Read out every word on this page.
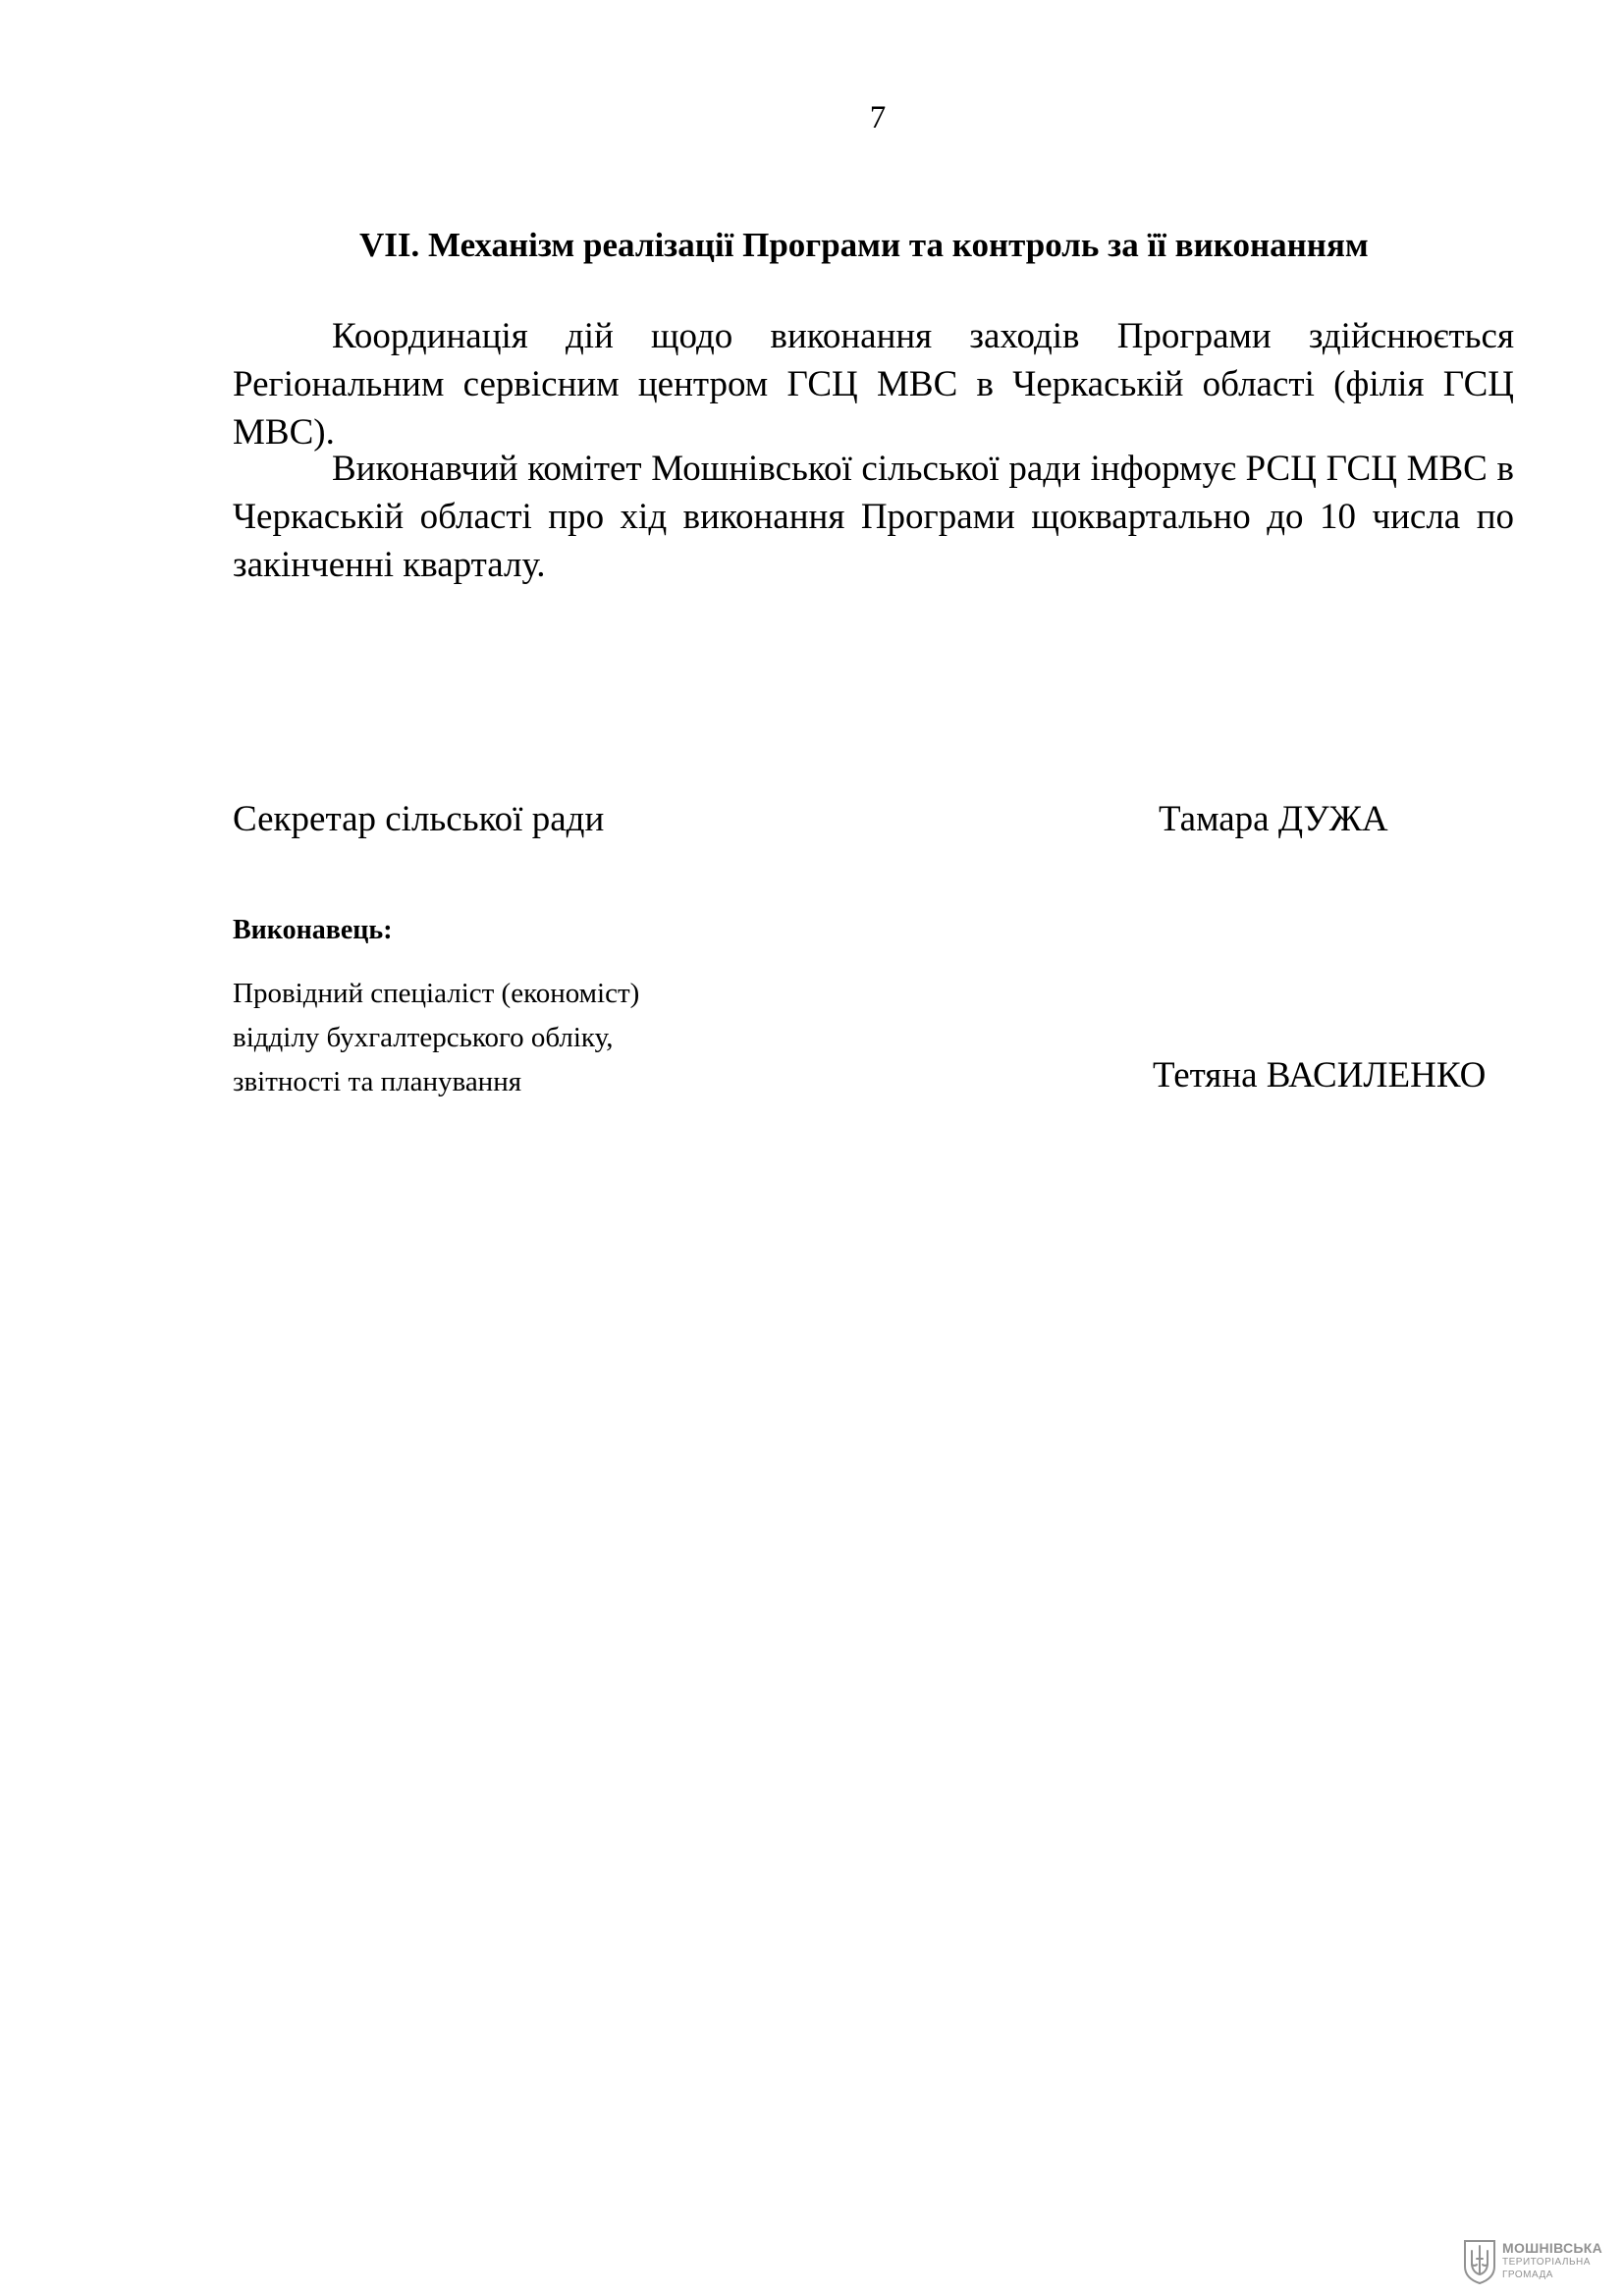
7
VII. Механізм реалізації Програми та контроль за її виконанням

Координація дій щодо виконання заходів Програми здійснюється Регіональним сервісним центром ГСЦ МВС в Черкаській області (філія ГСЦ МВС).

Виконавчий комітет Мошнівської сільської ради інформує РСЦ ГСЦ МВС в Черкаській області про хід виконання Програми щоквартально до 10 числа по закінченні кварталу.

Секретар сільської ради	Тамара ДУЖА
Виконавець:
Провідний спеціаліст (економіст)
відділу бухгалтерського обліку,
звітності та планування	Тетяна ВАСИЛЕНКО
МОШНІВСЬКА
ТЕРИТОРІАЛЬНА
ГРОМАДА
